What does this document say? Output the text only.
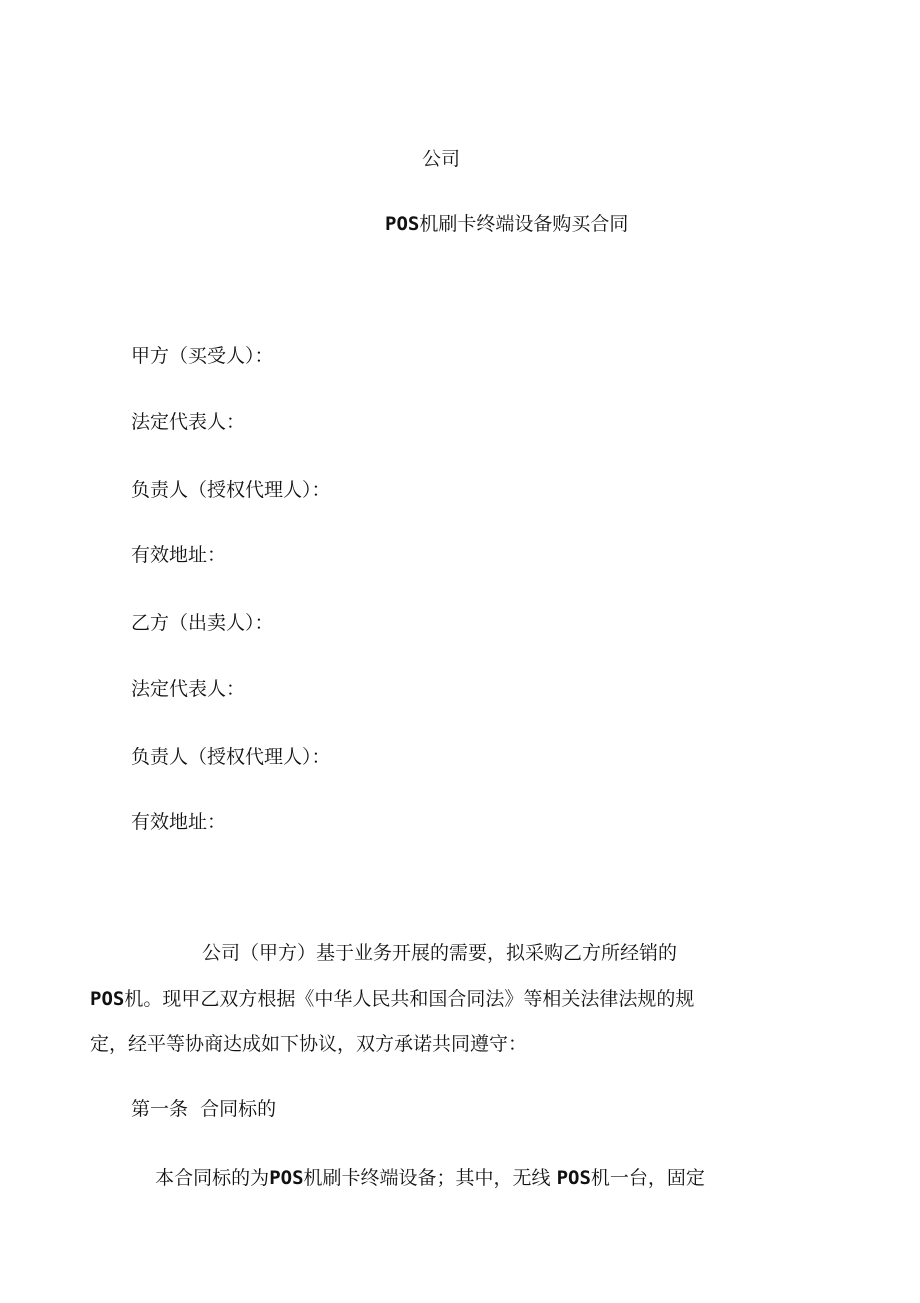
公司
POS机刷卡终端设备购买合同
甲方（买受人）：
法定代表人：
负责人（授权代理人）：
有效地址：
乙方（出卖人）：
法定代表人：
负责人（授权代理人）：
有效地址：
公司（甲方）基于业务开展的需要，拟采购乙方所经销的
POS机。现甲乙双方根据《中华人民共和国合同法》等相关法律法规的规
定，经平等协商达成如下协议，双方承诺共同遵守：
第一条  合同标的

本合同标的为POS机刷卡终端设备；其中，无线 POS机一台，固定
